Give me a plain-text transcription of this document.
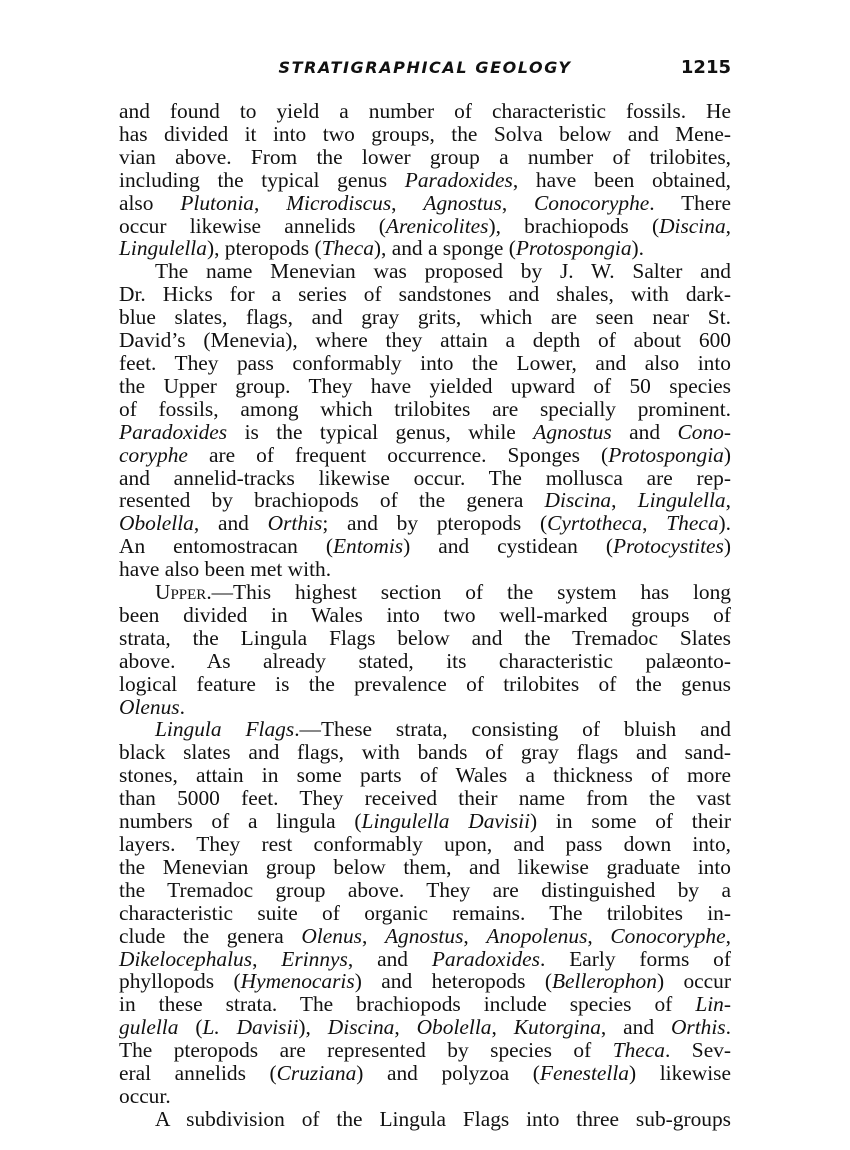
STRATIGRAPHICAL GEOLOGY	1215
and found to yield a number of characteristic fossils. He
has divided it into two groups, the Solva below and Mene-
vian above. From the lower group a number of trilobites,
including the typical genus Paradoxides, have been obtained,
also Plutonia, Microdiscus, Agnostus, Conocoryphe. There
occur likewise annelids (Arenicolites), brachiopods (Discina,
Lingulella), pteropods (Theca), and a sponge (Protospongia).
The name Menevian was proposed by J. W. Salter and
Dr. Hicks for a series of sandstones and shales, with dark-
blue slates, flags, and gray grits, which are seen near St.
David’s (Menevia), where they attain a depth of about 600
feet. They pass conformably into the Lower, and also into
the Upper group. They have yielded upward of 50 species
of fossils, among which trilobites are specially prominent.
Paradoxides is the typical genus, while Agnostus and Cono-
coryphe are of frequent occurrence. Sponges (Protospongia)
and annelid-tracks likewise occur. The mollusca are rep-
resented by brachiopods of the genera Discina, Lingulella,
Obolella, and Orthis; and by pteropods (Cyrtotheca, Theca).
An entomostracan (Entomis) and cystidean (Protocystites)
have also been met with.
Upper.—This highest section of the system has long
been divided in Wales into two well-marked groups of
strata, the Lingula Flags below and the Tremadoc Slates
above. As already stated, its characteristic palæonto-
logical feature is the prevalence of trilobites of the genus
Olenus.
Lingula Flags.—These strata, consisting of bluish and
black slates and flags, with bands of gray flags and sand-
stones, attain in some parts of Wales a thickness of more
than 5000 feet. They received their name from the vast
numbers of a lingula (Lingulella Davisii) in some of their
layers. They rest conformably upon, and pass down into,
the Menevian group below them, and likewise graduate into
the Tremadoc group above. They are distinguished by a
characteristic suite of organic remains. The trilobites in-
clude the genera Olenus, Agnostus, Anopolenus, Conocoryphe,
Dikelocephalus, Erinnys, and Paradoxides. Early forms of
phyllopods (Hymenocaris) and heteropods (Bellerophon) occur
in these strata. The brachiopods include species of Lin-
gulella (L. Davisii), Discina, Obolella, Kutorgina, and Orthis.
The pteropods are represented by species of Theca. Sev-
eral annelids (Cruziana) and polyzoa (Fenestella) likewise
occur.
A subdivision of the Lingula Flags into three sub-groups
